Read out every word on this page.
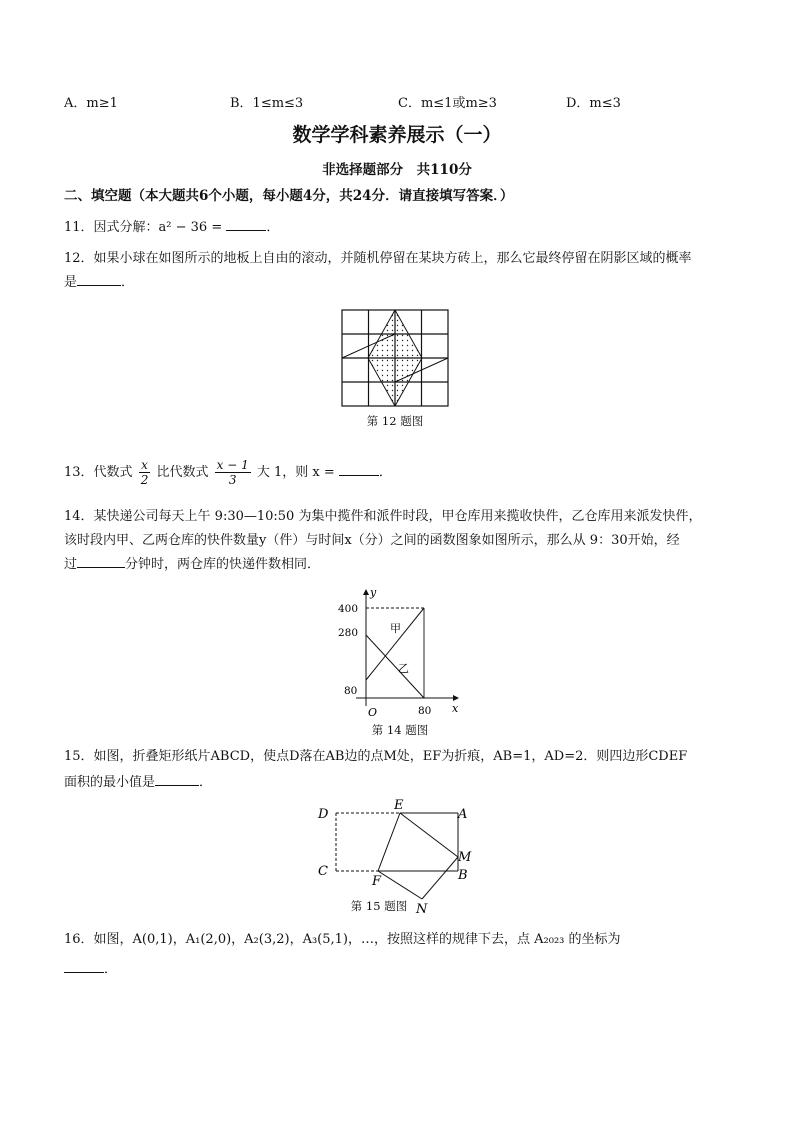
A．m≥1	B．1≤m≤3	C．m≤1或m≥3	D．m≤3
数学学科素养展示（一）
非选择题部分　共110分
二、填空题（本大题共6个小题，每小题4分，共24分．请直接填写答案．）
11．因式分解：a² − 36 =	．
12．如果小球在如图所示的地板上自由的滚动，并随机停留在某块方砖上，那么它最终停留在阴影区域的概率
是	．
第 12 题图
13．代数式 $\frac{x}{2}$ 比代数式 $\frac{x - 1}{3}$ 大 1，则 x =	．
14．某快递公司每天上午 9:30—10:50 为集中揽件和派件时段，甲仓库用来揽收快件，乙仓库用来派发快件，
该时段内甲、乙两仓库的快件数量y（件）与时间x（分）之间的函数图象如图所示，那么从 9：30开始，经
过	分钟时，两仓库的快递件数相同．
y
x
O
400
280
80
80
甲
乙
第 14 题图
15．如图，折叠矩形纸片ABCD，使点D落在AB边的点M处，EF为折痕，AB=1，AD=2．则四边形CDEF
面积的最小值是	．
D
E
A
M
C
F	B
N
第 15 题图
16．如图，A(0,1)，A₁(2,0)，A₂(3,2)，A₃(5,1)，…，按照这样的规律下去，点 A₂₀₂₃ 的坐标为
．
